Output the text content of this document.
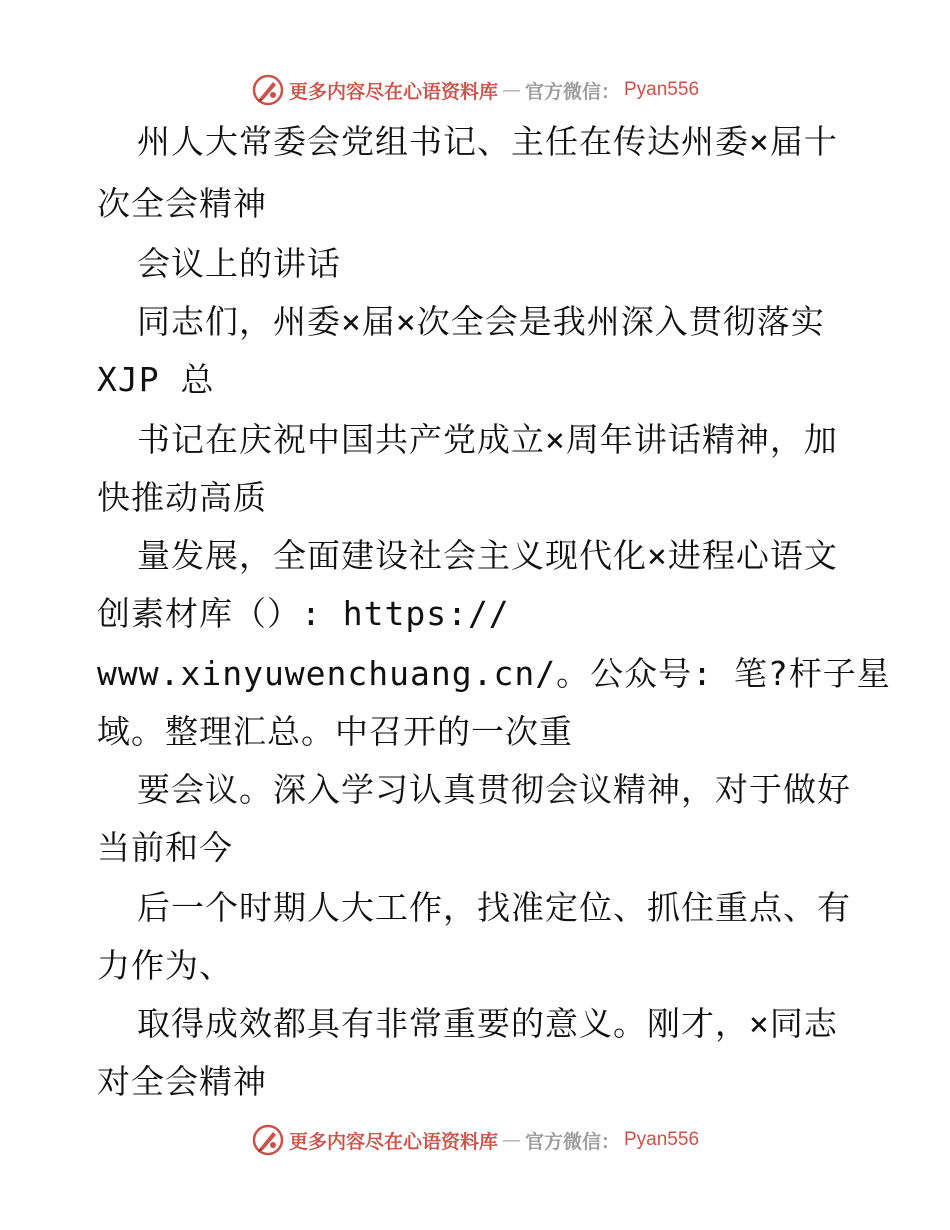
更多内容尽在心语资料库 — 官方微信： Pyan556
州人大常委会党组书记、主任在传达州委×届十
次全会精神
会议上的讲话
同志们，州委×届×次全会是我州深入贯彻落实
XJP 总
书记在庆祝中国共产党成立×周年讲话精神，加
快推动高质
量发展，全面建设社会主义现代化×进程心语文
创素材库（）: https://
www.xinyuwenchuang.cn/。公众号: 笔?杆子星
域。整理汇总。中召开的一次重
要会议。深入学习认真贯彻会议精神，对于做好
当前和今
后一个时期人大工作，找准定位、抓住重点、有
力作为、
取得成效都具有非常重要的意义。刚才，×同志
对全会精神
更多内容尽在心语资料库 — 官方微信： Pyan556
